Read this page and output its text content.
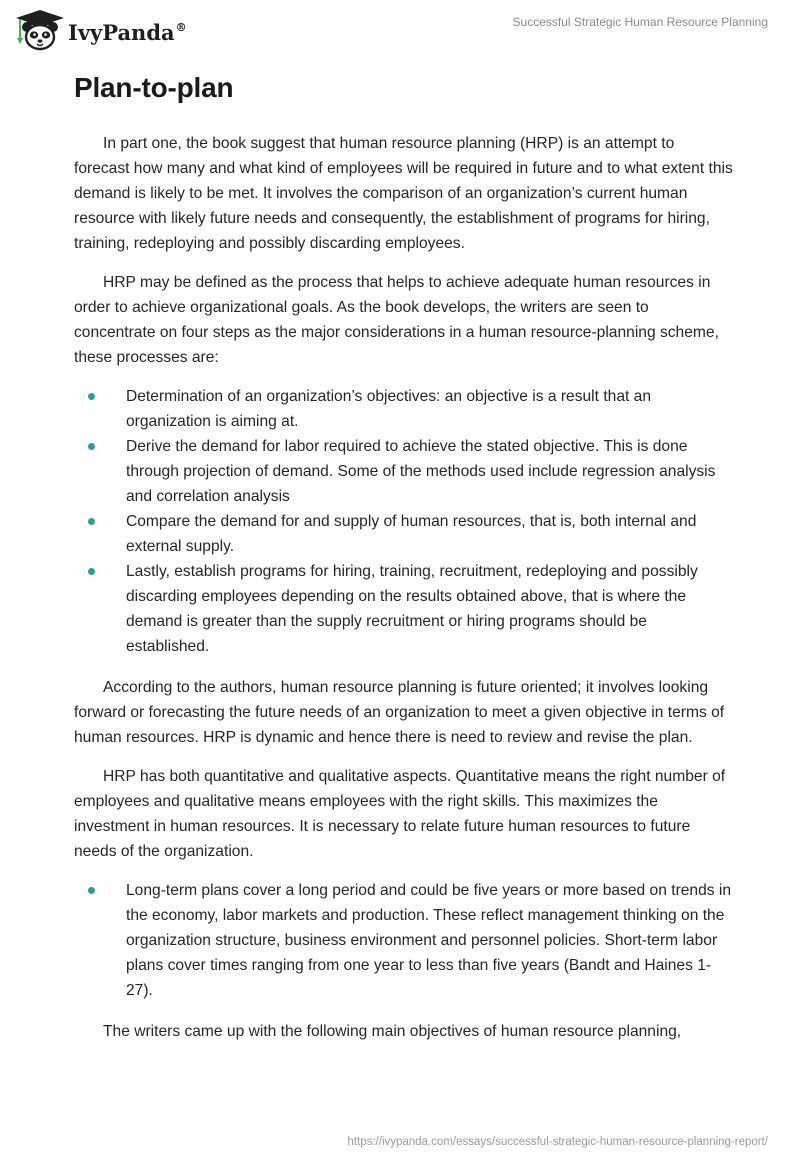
IvyPanda®	Successful Strategic Human Resource Planning
Plan-to-plan

In part one, the book suggest that human resource planning (HRP) is an attempt to forecast how many and what kind of employees will be required in future and to what extent this demand is likely to be met. It involves the comparison of an organization’s current human resource with likely future needs and consequently, the establishment of programs for hiring, training, redeploying and possibly discarding employees.

HRP may be defined as the process that helps to achieve adequate human resources in order to achieve organizational goals. As the book develops, the writers are seen to concentrate on four steps as the major considerations in a human resource-planning scheme, these processes are:

Determination of an organization’s objectives: an objective is a result that an organization is aiming at.
Derive the demand for labor required to achieve the stated objective. This is done through projection of demand. Some of the methods used include regression analysis and correlation analysis
Compare the demand for and supply of human resources, that is, both internal and external supply.
Lastly, establish programs for hiring, training, recruitment, redeploying and possibly discarding employees depending on the results obtained above, that is where the demand is greater than the supply recruitment or hiring programs should be established.

According to the authors, human resource planning is future oriented; it involves looking forward or forecasting the future needs of an organization to meet a given objective in terms of human resources. HRP is dynamic and hence there is need to review and revise the plan.

HRP has both quantitative and qualitative aspects. Quantitative means the right number of employees and qualitative means employees with the right skills. This maximizes the investment in human resources. It is necessary to relate future human resources to future needs of the organization.

Long-term plans cover a long period and could be five years or more based on trends in the economy, labor markets and production. These reflect management thinking on the organization structure, business environment and personnel policies. Short-term labor plans cover times ranging from one year to less than five years (Bandt and Haines 1-27).

The writers came up with the following main objectives of human resource planning,

https://ivypanda.com/essays/successful-strategic-human-resource-planning-report/
